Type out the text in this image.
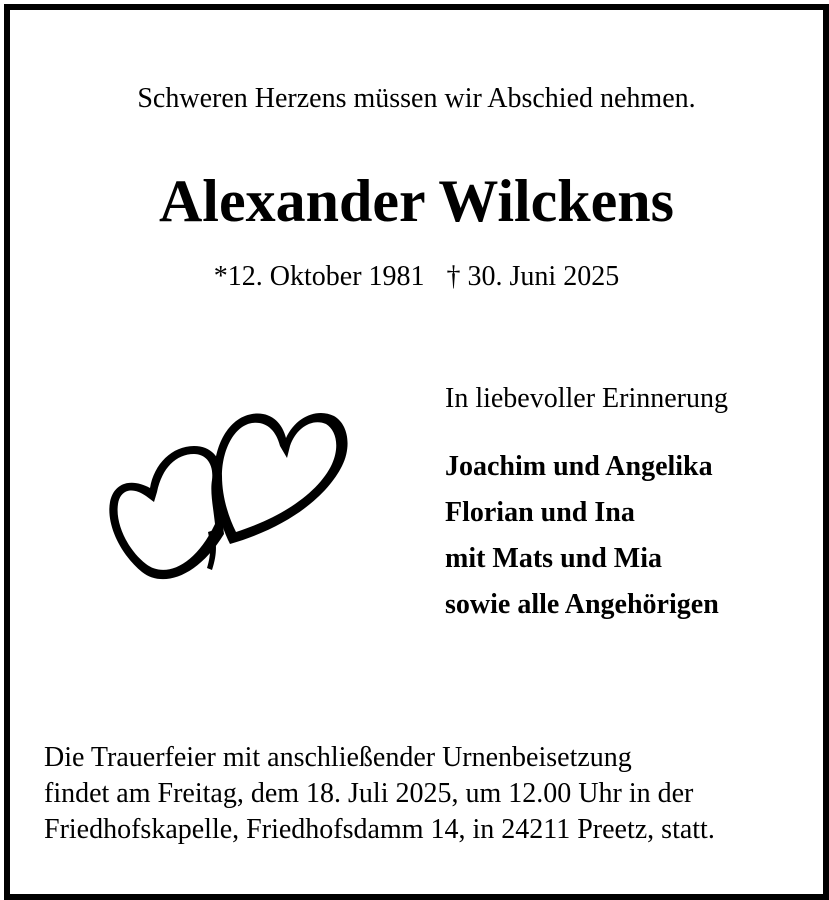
Schweren Herzens müssen wir Abschied nehmen.
Alexander Wilckens
*12. Oktober 1981 † 30. Juni 2025
In liebevoller Erinnerung
Joachim und Angelika
Florian und Ina
mit Mats und Mia
sowie alle Angehörigen
Die Trauerfeier mit anschließender Urnenbeisetzung
findet am Freitag, dem 18. Juli 2025, um 12.00 Uhr in der
Friedhofskapelle, Friedhofsdamm 14, in 24211 Preetz, statt.
